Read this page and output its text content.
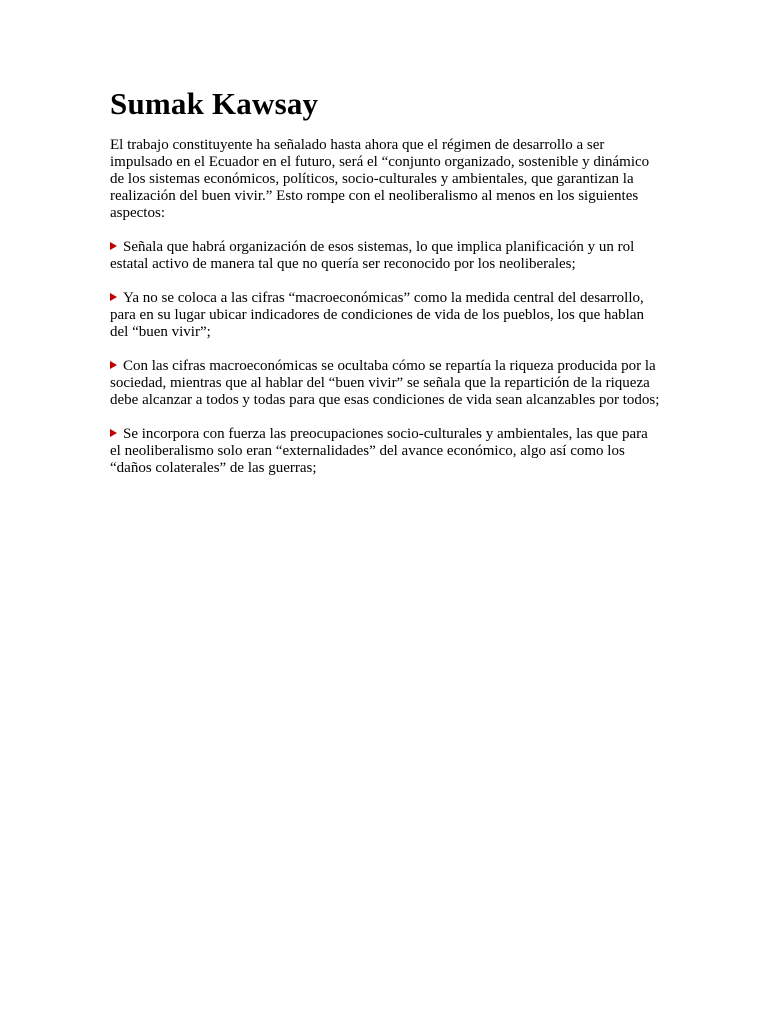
Sumak Kawsay

El trabajo constituyente ha señalado hasta ahora que el régimen de desarrollo a ser impulsado en el Ecuador en el futuro, será el “conjunto organizado, sostenible y dinámico de los sistemas económicos, políticos, socio-culturales y ambientales, que garantizan la realización del buen vivir.” Esto rompe con el neoliberalismo al menos en los siguientes aspectos:

Señala que habrá organización de esos sistemas, lo que implica planificación y un rol estatal activo de manera tal que no quería ser reconocido por los neoliberales;

Ya no se coloca a las cifras “macroeconómicas” como la medida central del desarrollo, para en su lugar ubicar indicadores de condiciones de vida de los pueblos, los que hablan del “buen vivir”;

Con las cifras macroeconómicas se ocultaba cómo se repartía la riqueza producida por la sociedad, mientras que al hablar del “buen vivir” se señala que la repartición de la riqueza debe alcanzar a todos y todas para que esas condiciones de vida sean alcanzables por todos;

Se incorpora con fuerza las preocupaciones socio-culturales y ambientales, las que para el neoliberalismo solo eran “externalidades” del avance económico, algo así como los “daños colaterales” de las guerras;
